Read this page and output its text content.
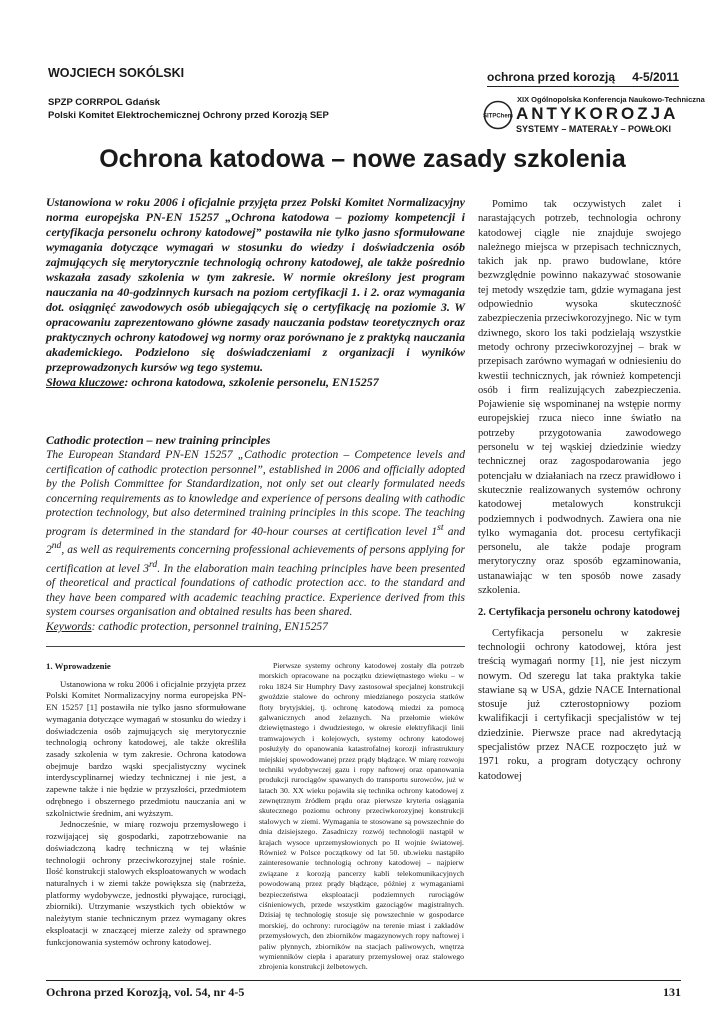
WOJCIECH SOKÓLSKI
SPZP CORRPOL Gdańsk
Polski Komitet Elektrochemicznej Ochrony przed Korozją SEP
ochrona przed korozją 4-5/2011
SITPChem
XIX Ogólnopolska Konferencja Naukowo-Techniczna
ANTYKOROZJA
SYSTEMY – MATERAŁY – POWŁOKI
Ochrona katodowa – nowe zasady szkolenia
Ustanowiona w roku 2006 i oficjalnie przyjęta przez Polski Komitet Normalizacyjny norma europejska PN-EN 15257 „Ochrona katodowa – poziomy kompetencji i certyfikacja personelu ochrony katodowej” postawiła nie tylko jasno sformułowane wymagania dotyczące wymagań w stosunku do wiedzy i doświadczenia osób zajmujących się merytorycznie technologią ochrony katodowej, ale także pośrednio wskazała zasady szkolenia w tym zakresie. W normie określony jest program nauczania na 40-godzinnych kursach na poziom certyfikacji 1. i 2. oraz wymagania dot. osiągnięć zawodowych osób ubiegających się o certyfikację na poziomie 3. W opracowaniu zaprezentowano główne zasady nauczania podstaw teoretycznych oraz praktycznych ochrony katodowej wg normy oraz porównano je z praktyką nauczania akademickiego. Podzielono się doświadczeniami z organizacji i wyników przeprowadzonych kursów wg tego systemu.
Słowa kluczowe: ochrona katodowa, szkolenie personelu, EN15257
Cathodic protection – new training principles
The European Standard PN-EN 15257 „Cathodic protection – Competence levels and certification of cathodic protection personnel”, established in 2006 and officially adopted by the Polish Committee for Standardization, not only set out clearly formulated needs concerning requirements as to knowledge and experience of persons dealing with cathodic protection technology, but also determined training principles in this scope. The teaching program is determined in the standard for 40-hour courses at certification level 1st and 2nd, as well as requirements concerning professional achievements of persons applying for certification at level 3rd. In the elaboration main teaching principles have been presented of theoretical and practical foundations of cathodic protection acc. to the standard and they have been compared with academic teaching practice. Experience derived from this system courses organisation and obtained results has been shared.
Keywords: cathodic protection, personnel training, EN15257
1. Wprowadzenie

Ustanowiona w roku 2006 i oficjalnie przyjęta przez Polski Komitet Normalizacyjny norma europejska PN-EN 15257 [1] postawiła nie tylko jasno sformułowane wymagania dotyczące wymagań w stosunku do wiedzy i doświadczenia osób zajmujących się merytorycznie technologią ochrony katodowej, ale także określiła zasady szkolenia w tym zakresie. Ochrona katodowa obejmuje bardzo wąski specjalistyczny wycinek interdyscyplinarnej wiedzy technicznej i nie jest, a zapewne także i nie będzie w przyszłości, przedmiotem odrębnego i obszernego przedmiotu nauczania ani w szkolnictwie średnim, ani wyższym.

Jednocześnie, w miarę rozwoju przemysłowego i rozwijającej się gospodarki, zapotrzebowanie na doświadczoną kadrę techniczną w tej właśnie technologii ochrony przeciwkorozyjnej stale rośnie. Ilość konstrukcji stalowych eksploatowanych w wodach naturalnych i w ziemi także powiększa się (nabrzeża, platformy wydobywcze, jednostki pływające, rurociągi, zbiorniki). Utrzymanie wszystkich tych obiektów w należytym stanie technicznym przez wymagany okres eksploatacji w znaczącej mierze zależy od sprawnego funkcjonowania systemów ochrony katodowej.

Pierwsze systemy ochrony katodowej zostały dla potrzeb morskich opracowane na początku dziewiętnastego wieku – w roku 1824 Sir Humphry Davy zastosował specjalnej konstrukcji gwoździe stalowe do ochrony miedzianego poszycia statków floty brytyjskiej, tj. ochronę katodową miedzi za pomocą galwanicznych anod żelaznych. Na przełomie wieków dziewiętnastego i dwudziestego, w okresie elektryfikacji linii tramwajowych i kolejowych, systemy ochrony katodowej posłużyły do opanowania katastrofalnej korozji infrastruktury miejskiej spowodowanej przez prądy błądzące. W miarę rozwoju techniki wydobywczej gazu i ropy naftowej oraz opanowania produkcji rurociągów spawanych do transportu surowców, już w latach 30. XX wieku pojawiła się technika ochrony katodowej z zewnętrznym źródłem prądu oraz pierwsze kryteria osiągania skutecznego poziomu ochrony przeciwkorozyjnej konstrukcji stalowych w ziemi. Wymagania te stosowane są powszechnie do dnia dzisiejszego. Zasadniczy rozwój technologii nastąpił w krajach wysoce uprzemysłowionych po II wojnie światowej. Również w Polsce początkowy od lat 50. ub.wieku nastąpiło zainteresowanie technologią ochrony katodowej – najpierw związane z korozją pancerzy kabli telekomunikacyjnych powodowaną przez prądy błądzące, później z wymaganiami bezpieczeństwa eksploatacji podziemnych rurociągów ciśnieniowych, przede wszystkim gazociągów magistralnych. Dzisiaj tę technologię stosuje się powszechnie w gospodarce morskiej, do ochrony: rurociągów na terenie miast i zakładów przemysłowych, den zbiorników magazynowych ropy naftowej i paliw płynnych, zbiorników na stacjach paliwowych, wnętrza wymienników ciepła i aparatury przemysłowej oraz stalowego zbrojenia konstrukcji żelbetowych.

Pomimo tak oczywistych zalet i narastających potrzeb, technologia ochrony katodowej ciągle nie znajduje swojego należnego miejsca w przepisach technicznych, takich jak np. prawo budowlane, które bezwzględnie powinno nakazywać stosowanie tej metody wszędzie tam, gdzie wymagana jest odpowiednio wysoka skuteczność zabezpieczenia przeciwkorozyjnego. Nic w tym dziwnego, skoro los taki podzielają wszystkie metody ochrony przeciwkorozyjnej – brak w przepisach zarówno wymagań w odniesieniu do kwestii technicznych, jak również kompetencji osób i firm realizujących zabezpieczenia. Pojawienie się wspominanej na wstępie normy europejskiej rzuca nieco inne światło na potrzeby przygotowania zawodowego personelu w tej wąskiej dziedzinie wiedzy technicznej oraz zagospodarowania jego potencjału w działaniach na rzecz prawidłowo i skutecznie realizowanych systemów ochrony katodowej metalowych konstrukcji podziemnych i podwodnych. Zawiera ona nie tylko wymagania dot. procesu certyfikacji personelu, ale także podaje program merytoryczny oraz sposób egzaminowania, ustanawiając w ten sposób nowe zasady szkolenia.

2. Certyfikacja personelu ochrony katodowej

Certyfikacja personelu w zakresie technologii ochrony katodowej, która jest treścią wymagań normy [1], nie jest niczym nowym. Od szeregu lat taka praktyka takie stawiane są w USA, gdzie NACE International stosuje już czterostopniowy poziom kwalifikacji i certyfikacji specjalistów w tej dziedzinie. Pierwsze prace nad akredytacją specjalistów przez NACE rozpoczęto już w 1971 roku, a program dotyczący ochrony katodowej

Ochrona przed Korozją, vol. 54, nr 4-5	131
